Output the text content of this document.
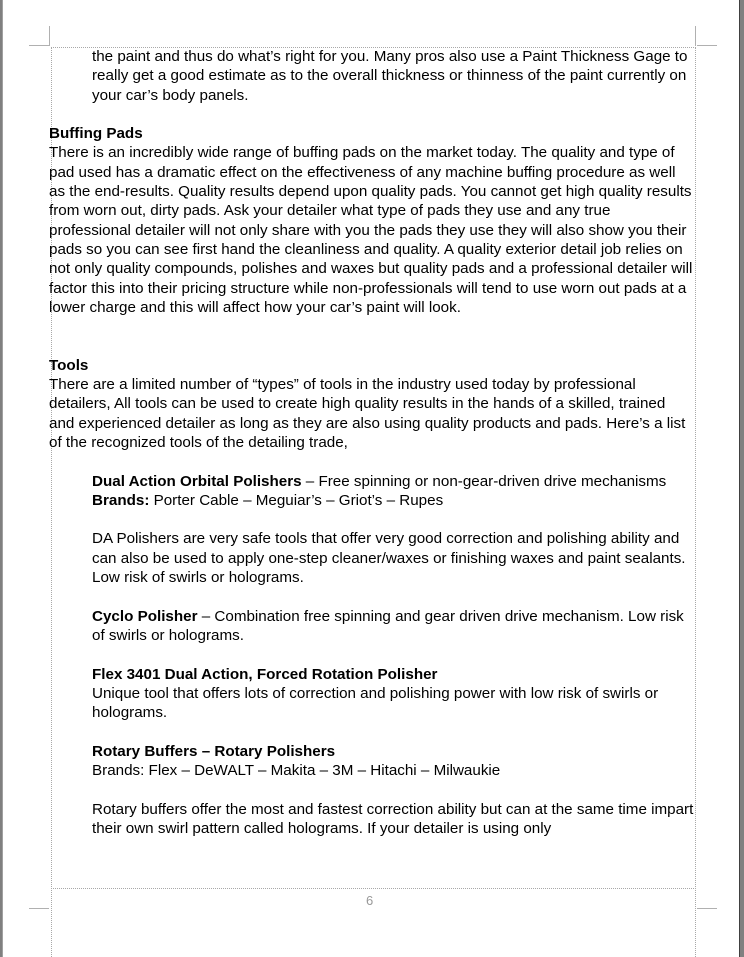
the paint and thus do what’s right for you. Many pros also use a Paint Thickness Gage to really get a good estimate as to the overall thickness or thinness of the paint currently on your car’s body panels.

Buffing Pads

There is an incredibly wide range of buffing pads on the market today. The quality and type of pad used has a dramatic effect on the effectiveness of any machine buffing procedure as well as the end-results. Quality results depend upon quality pads. You cannot get high quality results from worn out, dirty pads. Ask your detailer what type of pads they use and any true professional detailer will not only share with you the pads they use they will also show you their pads so you can see first hand the cleanliness and quality. A quality exterior detail job relies on not only quality compounds, polishes and waxes but quality pads and a professional detailer will factor this into their pricing structure while non-professionals will tend to use worn out pads at a lower charge and this will affect how your car’s paint will look.

Tools

There are a limited number of “types” of tools in the industry used today by professional detailers, All tools can be used to create high quality results in the hands of a skilled, trained and experienced detailer as long as they are also using quality products and pads. Here’s a list of the recognized tools of the detailing trade,

Dual Action Orbital Polishers – Free spinning or non-gear-driven drive mechanisms

Brands: Porter Cable – Meguiar’s – Griot’s – Rupes

DA Polishers are very safe tools that offer very good correction and polishing ability and can also be used to apply one-step cleaner/waxes or finishing waxes and paint sealants. Low risk of swirls or holograms.

Cyclo Polisher – Combination free spinning and gear driven drive mechanism. Low risk of swirls or holograms.

Flex 3401 Dual Action, Forced Rotation Polisher

Unique tool that offers lots of correction and polishing power with low risk of swirls or holograms.

Rotary Buffers – Rotary Polishers

Brands: Flex – DeWALT – Makita – 3M – Hitachi – Milwaukie

Rotary buffers offer the most and fastest correction ability but can at the same time impart their own swirl pattern called holograms. If your detailer is using only

6
